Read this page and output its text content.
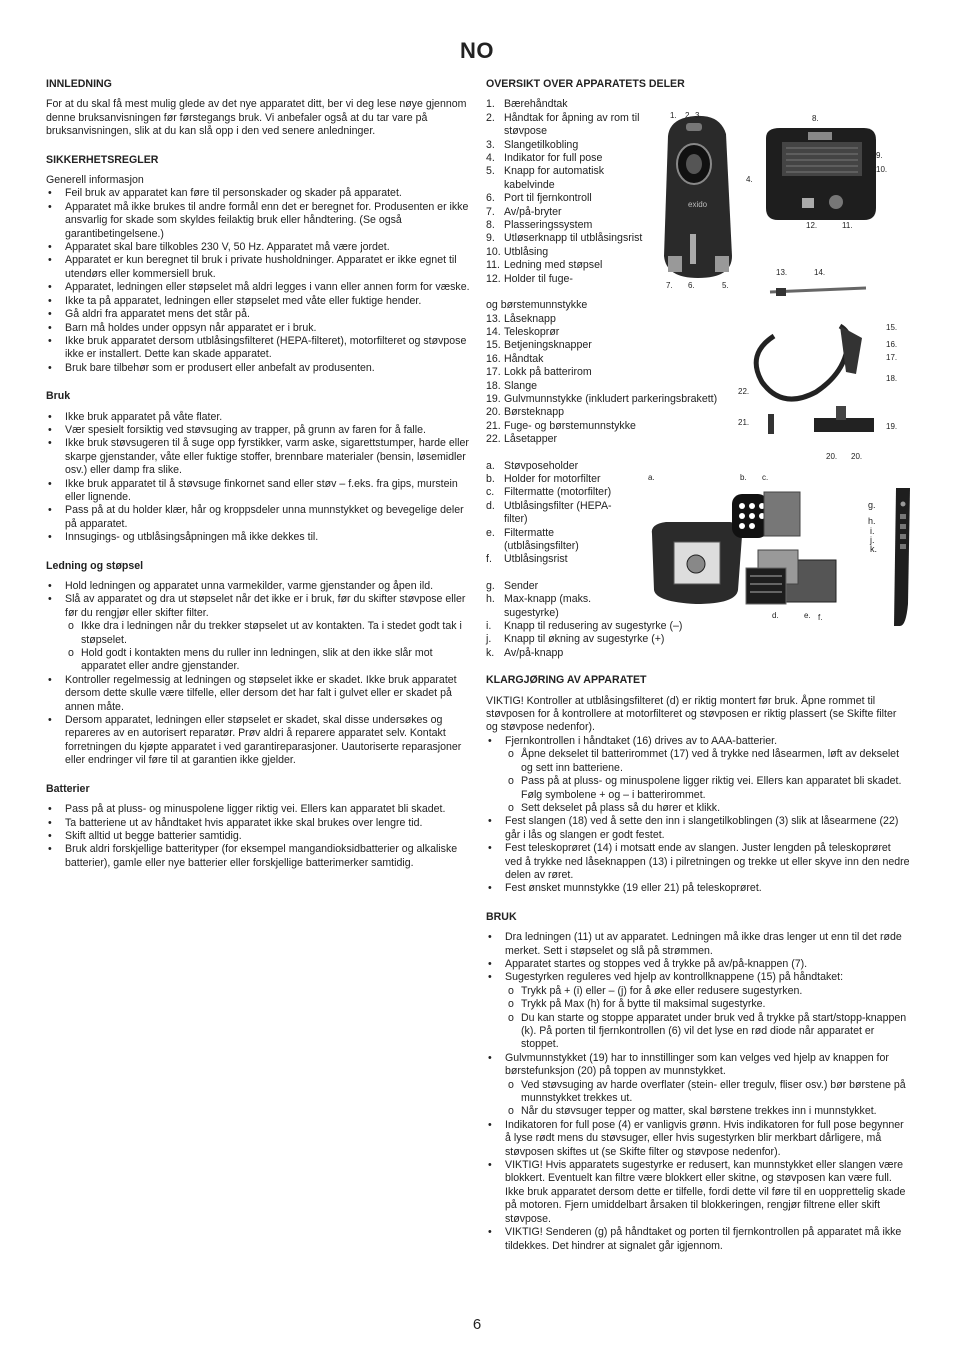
NO
INNLEDNING

For at du skal få mest mulig glede av det nye apparatet ditt, ber vi deg lese nøye gjennom denne bruksanvisningen før førstegangs bruk. Vi anbefaler også at du tar vare på bruksanvisningen, slik at du kan slå opp i den ved senere anledninger.

SIKKERHETSREGLER

Generell informasjon

• Feil bruk av apparatet kan føre til personskader og skader på apparatet.
• Apparatet må ikke brukes til andre formål enn det er beregnet for. Produsenten er ikke ansvarlig for skade som skyldes feilaktig bruk eller håndtering. (Se også garantibetingelsene.)
• Apparatet skal bare tilkobles 230 V, 50 Hz. Apparatet må være jordet.
• Apparatet er kun beregnet til bruk i private husholdninger. Apparatet er ikke egnet til utendørs eller kommersiell bruk.
• Apparatet, ledningen eller støpselet må aldri legges i vann eller annen form for væske.
• Ikke ta på apparatet, ledningen eller støpselet med våte eller fuktige hender.
• Gå aldri fra apparatet mens det står på.
• Barn må holdes under oppsyn når apparatet er i bruk.
• Ikke bruk apparatet dersom utblåsingsfilteret (HEPA-filteret), motorfilteret og støvpose ikke er installert. Dette kan skade apparatet.
• Bruk bare tilbehør som er produsert eller anbefalt av produsenten.
Bruk
• Ikke bruk apparatet på våte flater.
• Vær spesielt forsiktig ved støvsuging av trapper, på grunn av faren for å falle.
• Ikke bruk støvsugeren til å suge opp fyrstikker, varm aske, sigarettstumper, harde eller skarpe gjenstander, våte eller fuktige stoffer, brennbare materialer (bensin, løsemidler osv.) eller damp fra slike.
• Ikke bruk apparatet til å støvsuge finkornet sand eller støv – f.eks. fra gips, murstein eller lignende.
• Pass på at du holder klær, hår og kroppsdeler unna munnstykket og bevegelige deler på apparatet.
• Innsugings- og utblåsingsåpningen må ikke dekkes til.
Ledning og støpsel
• Hold ledningen og apparatet unna varmekilder, varme gjenstander og åpen ild.
• Slå av apparatet og dra ut støpselet når det ikke er i bruk, før du skifter støvpose eller før du rengjør eller skifter filter.
o Ikke dra i ledningen når du trekker støpselet ut av kontakten. Ta i stedet godt tak i støpselet.
o Hold godt i kontakten mens du ruller inn ledningen, slik at den ikke slår mot apparatet eller andre gjenstander.
• Kontroller regelmessig at ledningen og støpselet ikke er skadet. Ikke bruk apparatet dersom dette skulle være tilfelle, eller dersom det har falt i gulvet eller er skadet på annen måte.
• Dersom apparatet, ledningen eller støpselet er skadet, skal disse undersøkes og repareres av en autorisert reparatør. Prøv aldri å reparere apparatet selv. Kontakt forretningen du kjøpte apparatet i ved garantireparasjoner. Uautoriserte reparasjoner eller endringer vil føre til at garantien ikke gjelder.
Batterier
• Pass på at pluss- og minuspolene ligger riktig vei. Ellers kan apparatet bli skadet.
• Ta batteriene ut av håndtaket hvis apparatet ikke skal brukes over lengre tid.
• Skift alltid ut begge batterier samtidig.
• Bruk aldri forskjellige batterityper (for eksempel mangandioksidbatterier og alkaliske batterier), gamle eller nye batterier eller forskjellige batterimerker samtidig.
OVERSIKT OVER APPARATETS DELER
1. Bærehåndtak
2. Håndtak for åpning av rom til støvpose
3. Slangetilkobling
4. Indikator for full pose
5. Knapp for automatisk kabelvinde
6. Port til fjernkontroll
7. Av/på-bryter
8. Plasseringssystem
9. Utløserknapp til utblåsingsrist
10. Utblåsing
11. Ledning med støpsel
12. Holder til fuge-

og børstemunnstykke

13. Låseknapp
14. Teleskoprør
15. Betjeningsknapper
16. Håndtak
17. Lokk på batterirom
18. Slange
19. Gulvmunnstykke (inkludert parkeringsbrakett)
20. Børsteknapp
21. Fuge- og børstemunnstykke
22. Låsetapper
a. Støvposeholder
b. Holder for motorfilter
c. Filtermatte (motorfilter)
d. Utblåsingsfilter (HEPA-filter)
e. Filtermatte (utblåsingsfilter)
f.	Utblåsingsrist
g. Sender
h. Max-knapp (maks. sugestyrke)
i.	Knapp til redusering av sugestyrke (–)
j.	Knapp til økning av sugestyrke (+)
k. Av/på-knapp
KLARGJØRING AV APPARATET

VIKTIG! Kontroller at utblåsingsfilteret (d) er riktig montert før bruk. Åpne rommet til støvposen for å kontrollere at motorfilteret og støvposen er riktig plassert (se Skifte filter og støvpose nedenfor).

• Fjernkontrollen i håndtaket (16) drives av to AAA-batterier.
o Åpne dekselet til batterirommet (17) ved å trykke ned låsearmen, løft av dekselet og sett inn batteriene.
o Pass på at pluss- og minuspolene ligger riktig vei. Ellers kan apparatet bli skadet. Følg symbolene + og – i batterirommet.
o Sett dekselet på plass så du hører et klikk.
• Fest slangen (18) ved å sette den inn i slangetilkoblingen (3) slik at låsearmene (22) går i lås og slangen er godt festet.
• Fest teleskoprøret (14) i motsatt ende av slangen. Juster lengden på teleskoprøret ved å trykke ned låseknappen (13) i pilretningen og trekke ut eller skyve inn den nedre delen av røret.
• Fest ønsket munnstykke (19 eller 21) på teleskoprøret.
BRUK
• Dra ledningen (11) ut av apparatet. Ledningen må ikke dras lenger ut enn til det røde merket. Sett i støpselet og slå på strømmen.
• Apparatet startes og stoppes ved å trykke på av/på-knappen (7).
• Sugestyrken reguleres ved hjelp av kontrollknappene (15) på håndtaket:
o Trykk på + (i) eller – (j) for å øke eller redusere sugestyrken.
o Trykk på Max (h) for å bytte til maksimal sugestyrke.
o Du kan starte og stoppe apparatet under bruk ved å trykke på start/stopp-knappen (k). På porten til fjernkontrollen (6) vil det lyse en rød diode når apparatet er stoppet.
• Gulvmunnstykket (19) har to innstillinger som kan velges ved hjelp av knappen for børstefunksjon (20) på toppen av munnstykket.
o Ved støvsuging av harde overflater (stein- eller tregulv, fliser osv.) bør børstene på munnstykket trekkes ut.
o Når du støvsuger tepper og matter, skal børstene trekkes inn i munnstykket.
• Indikatoren for full pose (4) er vanligvis grønn. Hvis indikatoren for full pose begynner å lyse rødt mens du støvsuger, eller hvis sugestyrken blir merkbart dårligere, må støvposen skiftes ut (se Skifte filter og støvpose nedenfor).
• VIKTIG! Hvis apparatets sugestyrke er redusert, kan munnstykket eller slangen være blokkert. Eventuelt kan filtre være blokkert eller skitne, og støvposen kan være full. Ikke bruk apparatet dersom dette er tilfelle, fordi dette vil føre til en uopprettelig skade på motoren. Fjern umiddelbart årsaken til blokkeringen, rengjør filtrene eller skift støvpose.
• VIKTIG! Senderen (g) på håndtaket og porten til fjernkontrollen på apparatet må ikke tildekkes. Det hindrer at signalet går igjennom.
exido
1. 2. 3.
4.
5.
6.
7.
8.
9.
10.
11.
12.
13.	14.
15.
16.
17.
18.
19.
20. 20.
21.
22.
a.	b. c.
d.	e. f.
g.
h.
i.
j.
k.
6
